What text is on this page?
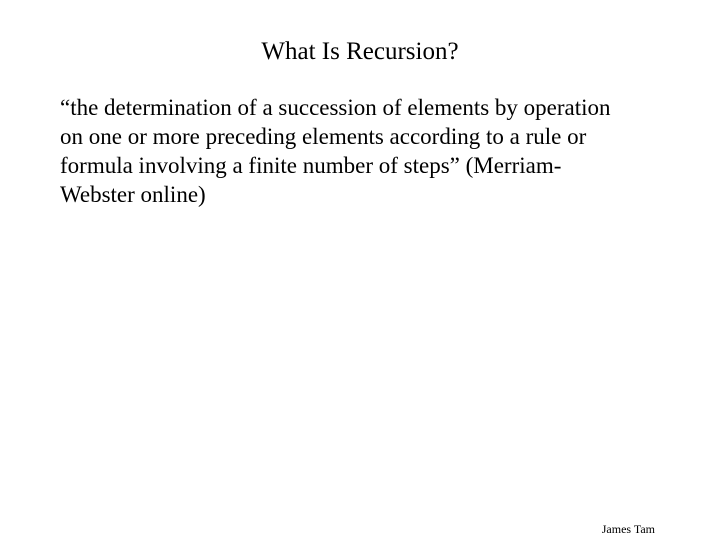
What Is Recursion?
“the determination of a succession of elements by operation
on one or more preceding elements according to a rule or
formula involving a finite number of steps” (Merriam-
Webster online)
James Tam
